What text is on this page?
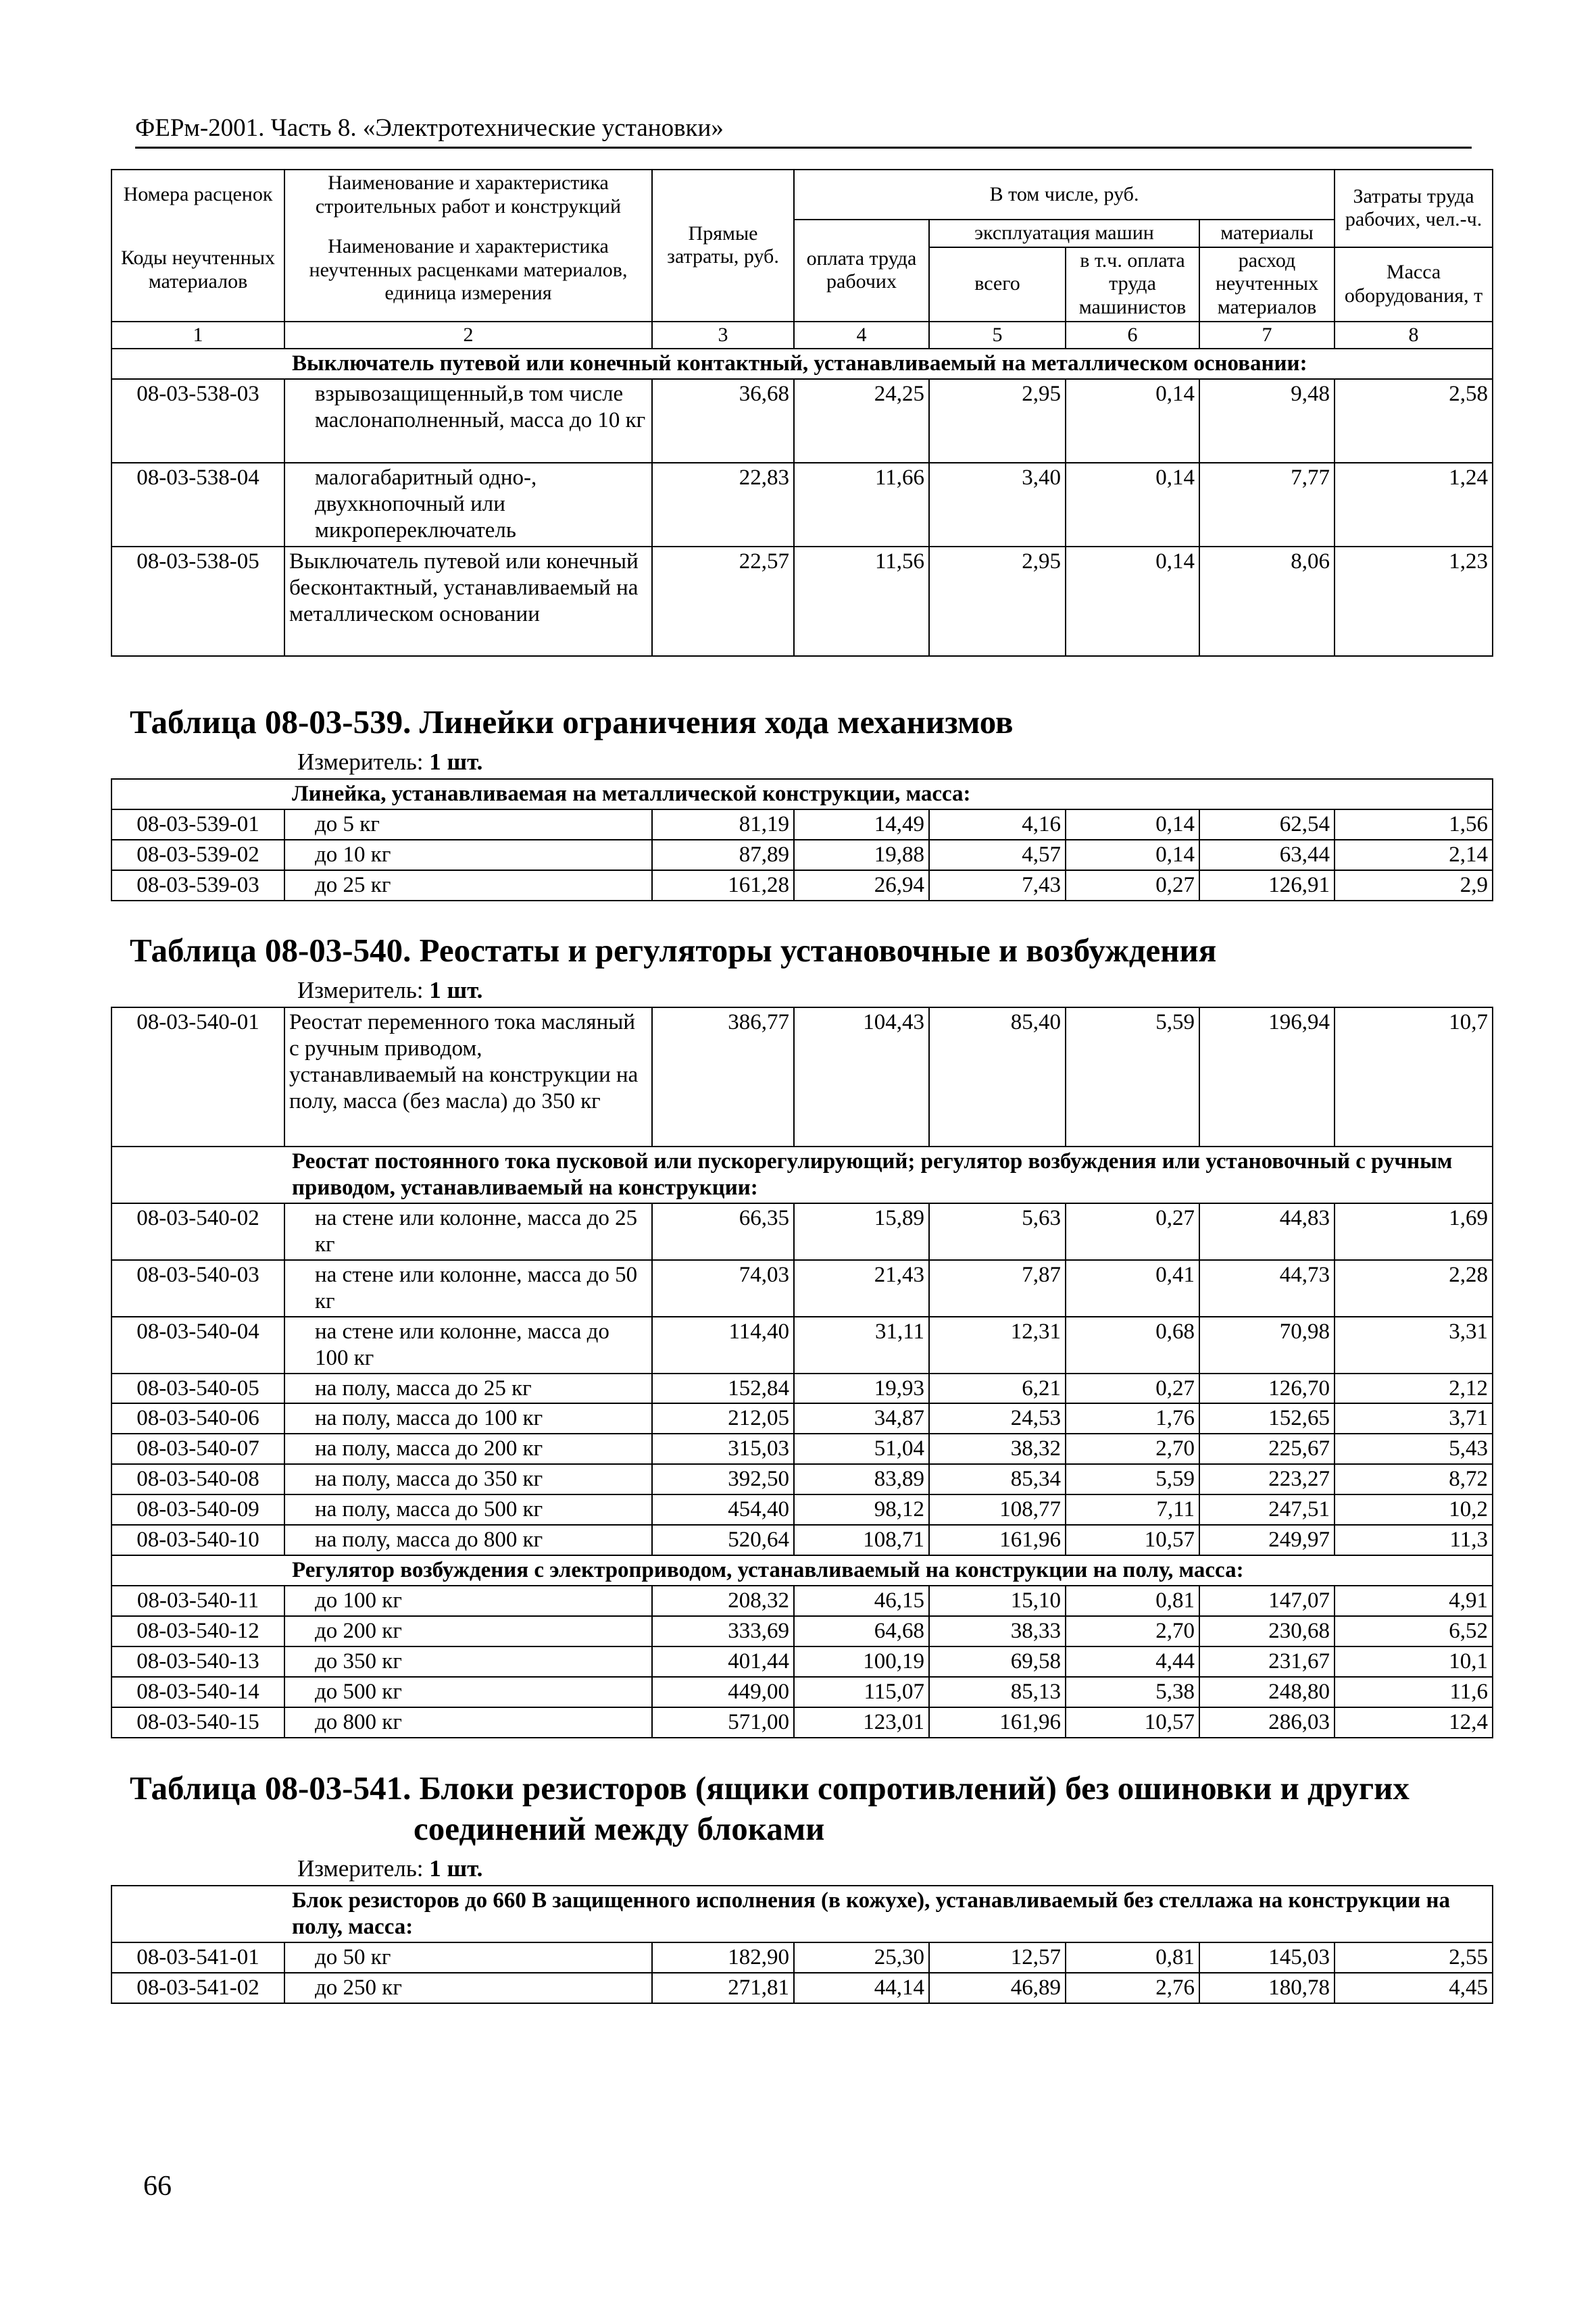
ФЕРм-2001. Часть 8. «Электротехнические установки»
Номера расценок	Наименование и характеристика строительных работ и конструкций	Прямые затраты, руб.	В том числе, руб.				Затраты труда рабочих, чел.-ч.
Коды неучтенных материалов	Наименование и характеристика неучтенных расценками материалов, единица измерения		оплата труда рабочих	эксплуатация машин		материалы	
				всего	в т.ч. оплата труда машинистов	расход неучтенных материалов	Масса оборудования, т
1	2	3	4	5	6	7	8
Выключатель путевой или конечный контактный, устанавливаемый на металлическом основании:							
08-03-538-03	взрывозащищенный,в том числе маслонаполненный, масса до 10 кг	36,68	24,25	2,95	0,14	9,48	2,58
08-03-538-04	малогабаритный одно-, двухкнопочный или микропереключатель	22,83	11,66	3,40	0,14	7,77	1,24
08-03-538-05	Выключатель путевой или конечный бесконтактный, устанавливаемый на металлическом основании	22,57	11,56	2,95	0,14	8,06	1,23
Таблица 08-03-539. Линейки ограничения хода механизмов
Измеритель: 1 шт.
Линейка, устанавливаемая на металлической конструкции, масса:							
08-03-539-01	до 5 кг	81,19	14,49	4,16	0,14	62,54	1,56
08-03-539-02	до 10 кг	87,89	19,88	4,57	0,14	63,44	2,14
08-03-539-03	до 25 кг	161,28	26,94	7,43	0,27	126,91	2,9
Таблица 08-03-540. Реостаты и регуляторы установочные и возбуждения
Измеритель: 1 шт.
08-03-540-01	Реостат переменного тока масляный с ручным приводом, устанавливаемый на конструкции на полу, масса (без масла) до 350 кг	386,77	104,43	85,40	5,59	196,94	10,7
Реостат постоянного тока пусковой или пускорегулирующий; регулятор возбуждения или установочный с ручным приводом, устанавливаемый на конструкции:							
08-03-540-02	на стене или колонне, масса до 25 кг	66,35	15,89	5,63	0,27	44,83	1,69
08-03-540-03	на стене или колонне, масса до 50 кг	74,03	21,43	7,87	0,41	44,73	2,28
08-03-540-04	на стене или колонне, масса до 100 кг	114,40	31,11	12,31	0,68	70,98	3,31
08-03-540-05	на полу, масса до 25 кг	152,84	19,93	6,21	0,27	126,70	2,12
08-03-540-06	на полу, масса до 100 кг	212,05	34,87	24,53	1,76	152,65	3,71
08-03-540-07	на полу, масса до 200 кг	315,03	51,04	38,32	2,70	225,67	5,43
08-03-540-08	на полу, масса до 350 кг	392,50	83,89	85,34	5,59	223,27	8,72
08-03-540-09	на полу, масса до 500 кг	454,40	98,12	108,77	7,11	247,51	10,2
08-03-540-10	на полу, масса до 800 кг	520,64	108,71	161,96	10,57	249,97	11,3
Регулятор возбуждения с электроприводом, устанавливаемый на конструкции на полу, масса:							
08-03-540-11	до 100 кг	208,32	46,15	15,10	0,81	147,07	4,91
08-03-540-12	до 200 кг	333,69	64,68	38,33	2,70	230,68	6,52
08-03-540-13	до 350 кг	401,44	100,19	69,58	4,44	231,67	10,1
08-03-540-14	до 500 кг	449,00	115,07	85,13	5,38	248,80	11,6
08-03-540-15	до 800 кг	571,00	123,01	161,96	10,57	286,03	12,4
Таблица 08-03-541. Блоки резисторов (ящики сопротивлений) без ошиновки и других
соединений между блоками
Измеритель: 1 шт.
Блок резисторов до 660 В защищенного исполнения (в кожухе), устанавливаемый без стеллажа на конструкции на полу, масса:							
08-03-541-01	до 50 кг	182,90	25,30	12,57	0,81	145,03	2,55
08-03-541-02	до 250 кг	271,81	44,14	46,89	2,76	180,78	4,45
66
